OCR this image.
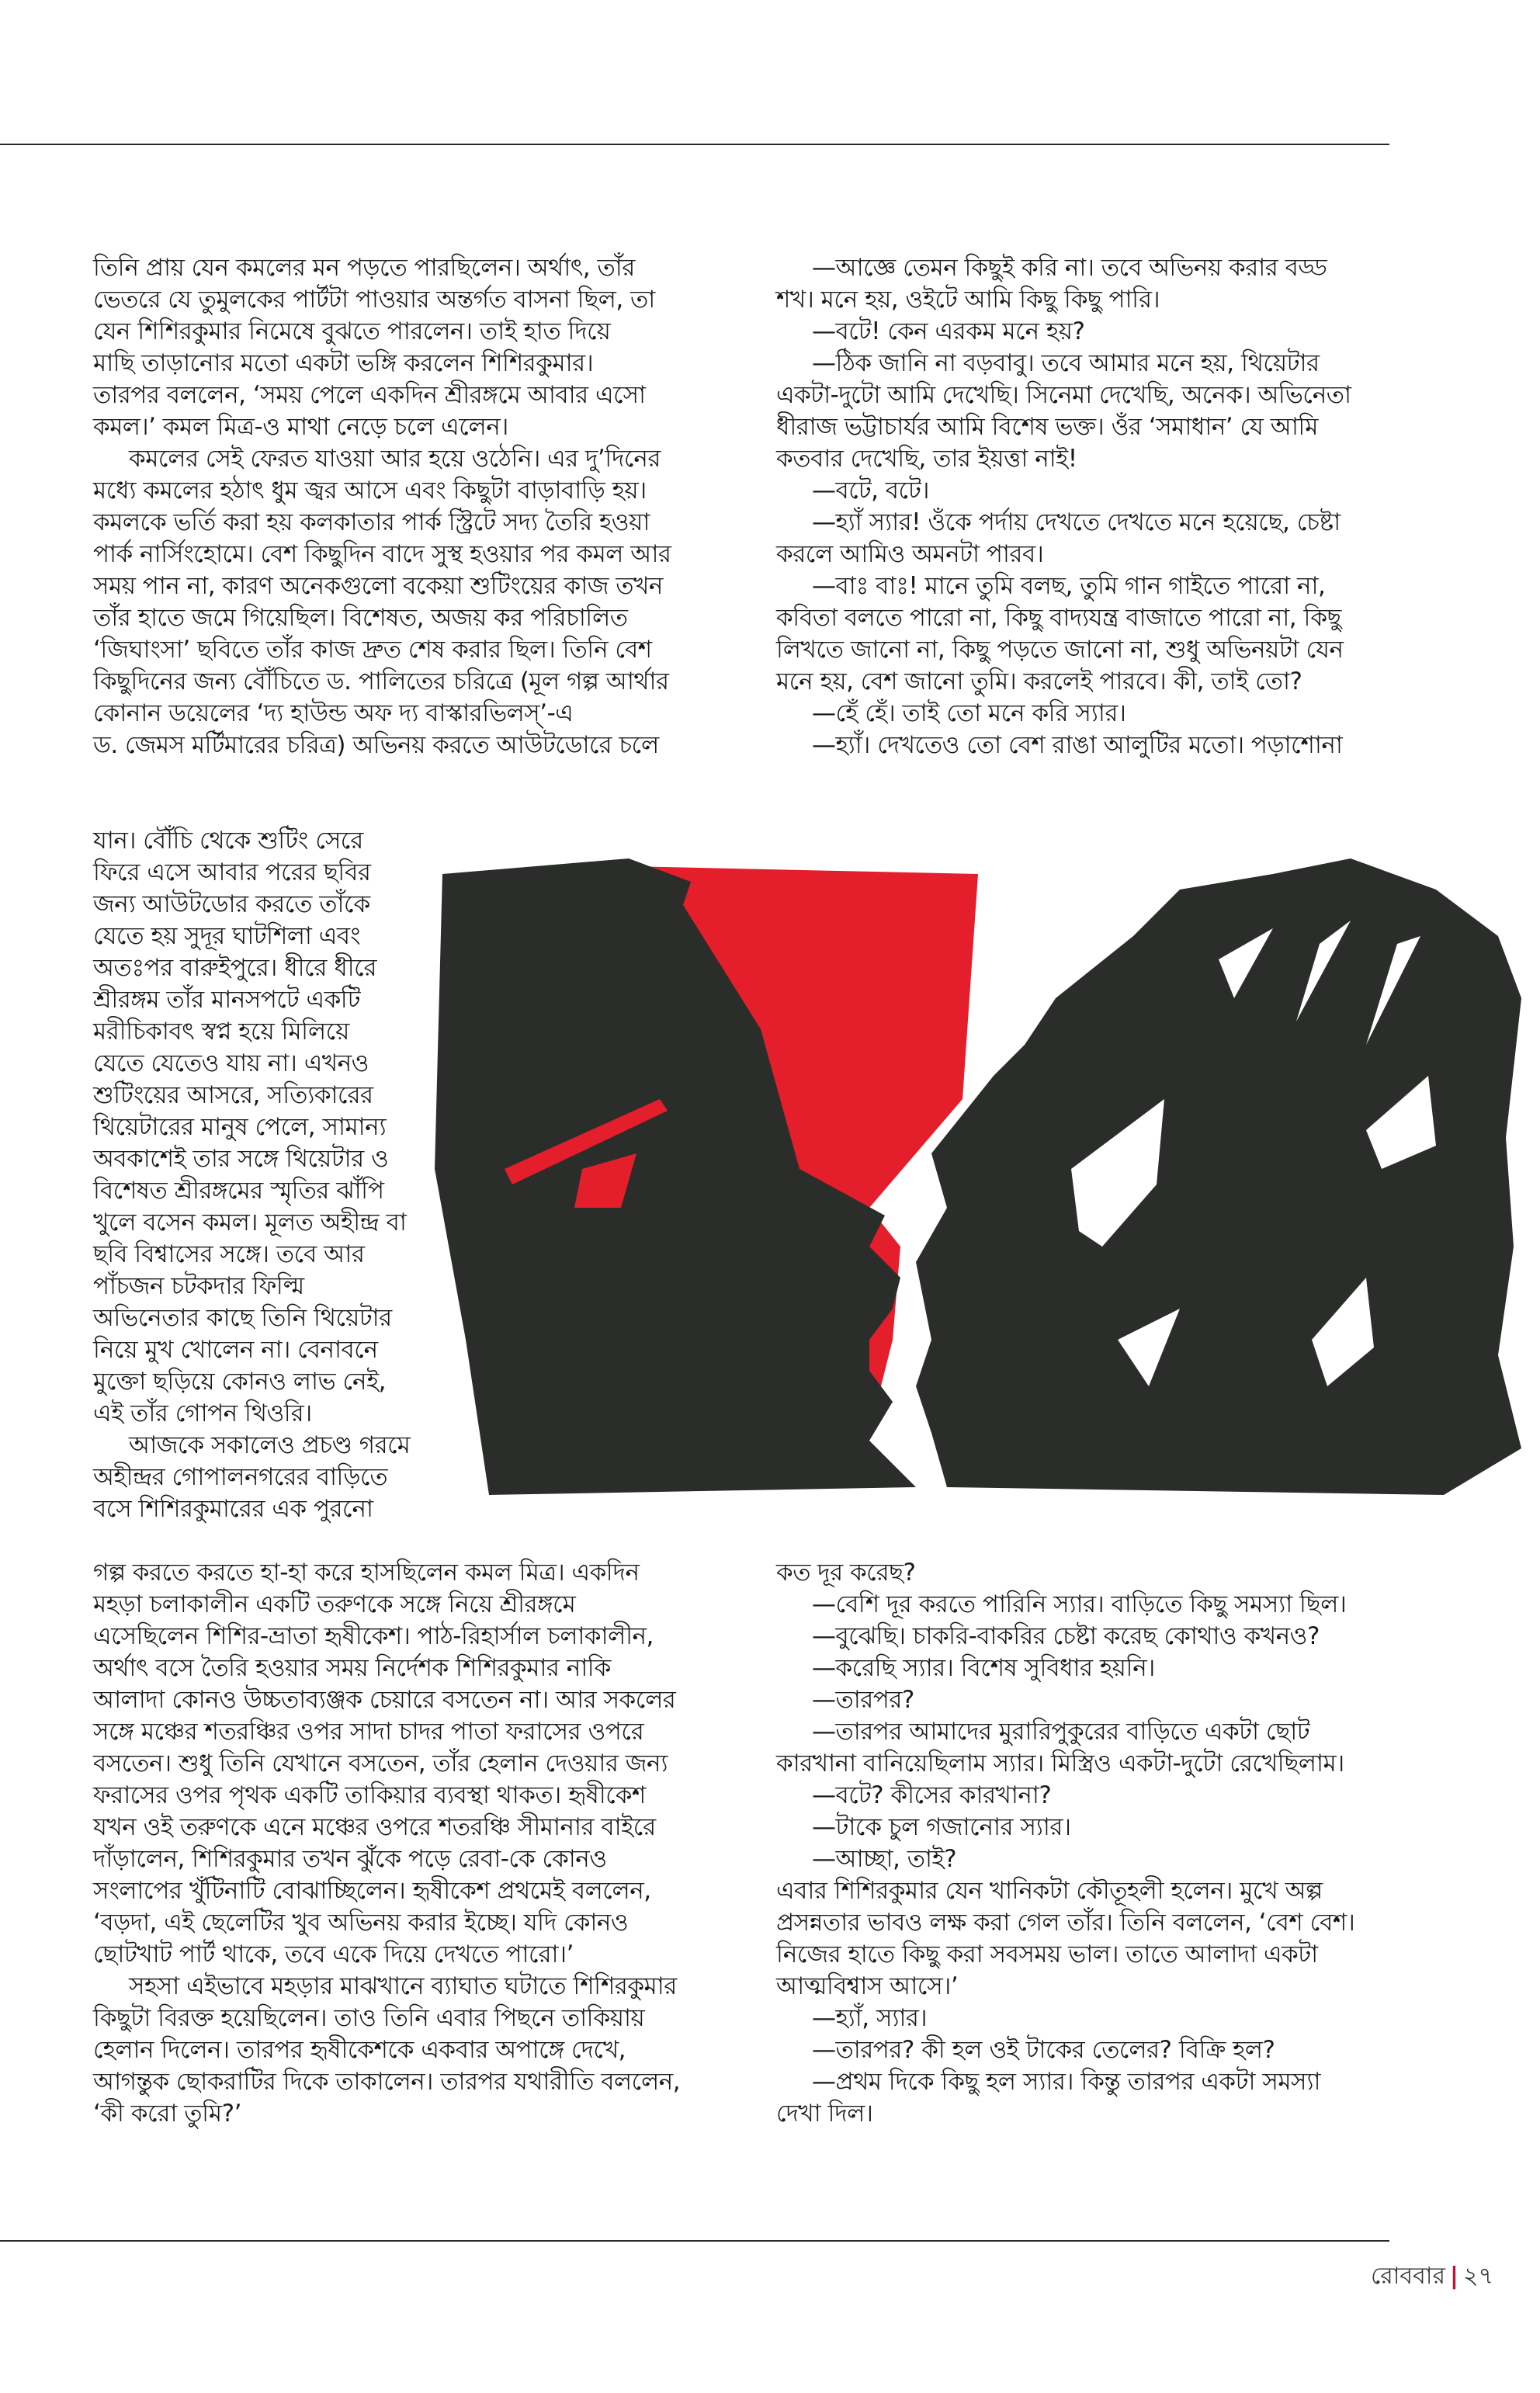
তিনি প্রায় যেন কমলের মন পড়তে পারছিলেন। অর্থাৎ, তাঁর

ভেতরে যে তুমুলকের পার্টটা পাওয়ার অন্তর্গত বাসনা ছিল, তা

যেন শিশিরকুমার নিমেষে বুঝতে পারলেন। তাই হাত দিয়ে

মাছি তাড়ানোর মতো একটা ভঙ্গি করলেন শিশিরকুমার।

তারপর বললেন, ‘সময় পেলে একদিন শ্রীরঙ্গমে আবার এসো

কমল।’ কমল মিত্র-ও মাথা নেড়ে চলে এলেন।

কমলের সেই ফেরত যাওয়া আর হয়ে ওঠেনি। এর দু’দিনের

মধ্যে কমলের হঠাৎ ধুম জ্বর আসে এবং কিছুটা বাড়াবাড়ি হয়।

কমলকে ভর্তি করা হয় কলকাতার পার্ক স্ট্রিটে সদ্য তৈরি হওয়া

পার্ক নার্সিংহোমে। বেশ কিছুদিন বাদে সুস্থ হওয়ার পর কমল আর

সময় পান না, কারণ অনেকগুলো বকেয়া শুটিংয়ের কাজ তখন

তাঁর হাতে জমে গিয়েছিল। বিশেষত, অজয় কর পরিচালিত

‘জিঘাংসা’ ছবিতে তাঁর কাজ দ্রুত শেষ করার ছিল। তিনি বেশ

কিছুদিনের জন্য বৌঁচিতে ড. পালিতের চরিত্রে (মূল গল্প আর্থার

কোনান ডয়েলের ‘দ্য হাউন্ড অফ দ্য বাস্কারভিলস্’-এ

ড. জেমস মর্টিমারের চরিত্র) অভিনয় করতে আউটডোরে চলে

যান। বৌঁচি থেকে শুটিং সেরে

ফিরে এসে আবার পরের ছবির

জন্য আউটডোর করতে তাঁকে

যেতে হয় সুদূর ঘাটশিলা এবং

অতঃপর বারুইপুরে। ধীরে ধীরে

শ্রীরঙ্গম তাঁর মানসপটে একটি

মরীচিকাবৎ স্বপ্ন হয়ে মিলিয়ে

যেতে যেতেও যায় না। এখনও

শুটিংয়ের আসরে, সত্যিকারের

থিয়েটারের মানুষ পেলে, সামান্য

অবকাশেই তার সঙ্গে থিয়েটার ও

বিশেষত শ্রীরঙ্গমের স্মৃতির ঝাঁপি

খুলে বসেন কমল। মূলত অহীন্দ্র বা

ছবি বিশ্বাসের সঙ্গে। তবে আর

পাঁচজন চটকদার ফিল্মি

অভিনেতার কাছে তিনি থিয়েটার

নিয়ে মুখ খোলেন না। বেনাবনে

মুক্তো ছড়িয়ে কোনও লাভ নেই,

এই তাঁর গোপন থিওরি।

আজকে সকালেও প্রচণ্ড গরমে

অহীন্দ্রর গোপালনগরের বাড়িতে

বসে শিশিরকুমারের এক পুরনো

গল্প করতে করতে হা-হা করে হাসছিলেন কমল মিত্র। একদিন

মহড়া চলাকালীন একটি তরুণকে সঙ্গে নিয়ে শ্রীরঙ্গমে

এসেছিলেন শিশির-ভ্রাতা হৃষীকেশ। পাঠ-রিহার্সাল চলাকালীন,

অর্থাৎ বসে তৈরি হওয়ার সময় নির্দেশক শিশিরকুমার নাকি

আলাদা কোনও উচ্চতাব্যঞ্জক চেয়ারে বসতেন না। আর সকলের

সঙ্গে মঞ্চের শতরঞ্চির ওপর সাদা চাদর পাতা ফরাসের ওপরে

বসতেন। শুধু তিনি যেখানে বসতেন, তাঁর হেলান দেওয়ার জন্য

ফরাসের ওপর পৃথক একটি তাকিয়ার ব্যবস্থা থাকত। হৃষীকেশ

যখন ওই তরুণকে এনে মঞ্চের ওপরে শতরঞ্চি সীমানার বাইরে

দাঁড়ালেন, শিশিরকুমার তখন ঝুঁকে পড়ে রেবা-কে কোনও

সংলাপের খুঁটিনাটি বোঝাচ্ছিলেন। হৃষীকেশ প্রথমেই বললেন,

‘বড়দা, এই ছেলেটির খুব অভিনয় করার ইচ্ছে। যদি কোনও

ছোটখাট পার্ট থাকে, তবে একে দিয়ে দেখতে পারো।’

সহসা এইভাবে মহড়ার মাঝখানে ব্যাঘাত ঘটাতে শিশিরকুমার

কিছুটা বিরক্ত হয়েছিলেন। তাও তিনি এবার পিছনে তাকিয়ায়

হেলান দিলেন। তারপর হৃষীকেশকে একবার অপাঙ্গে দেখে,

আগন্তুক ছোকরাটির দিকে তাকালেন। তারপর যথারীতি বললেন,

‘কী করো তুমি?’

—আজ্ঞে তেমন কিছুই করি না। তবে অভিনয় করার বড্ড

শখ। মনে হয়, ওইটে আমি কিছু কিছু পারি।

—বটে! কেন এরকম মনে হয়?

—ঠিক জানি না বড়বাবু। তবে আমার মনে হয়, থিয়েটার

একটা-দুটো আমি দেখেছি। সিনেমা দেখেছি, অনেক। অভিনেতা

ধীরাজ ভট্টাচার্যর আমি বিশেষ ভক্ত। ওঁর ‘সমাধান’ যে আমি

কতবার দেখেছি, তার ইয়ত্তা নাই!

—বটে, বটে।

—হ্যাঁ স্যার! ওঁকে পর্দায় দেখতে দেখতে মনে হয়েছে, চেষ্টা

করলে আমিও অমনটা পারব।

—বাঃ বাঃ! মানে তুমি বলছ, তুমি গান গাইতে পারো না,

কবিতা বলতে পারো না, কিছু বাদ্যযন্ত্র বাজাতে পারো না, কিছু

লিখতে জানো না, কিছু পড়তে জানো না, শুধু অভিনয়টা যেন

মনে হয়, বেশ জানো তুমি। করলেই পারবে। কী, তাই তো?

—হেঁ হেঁ। তাই তো মনে করি স্যার।

—হ্যাঁ। দেখতেও তো বেশ রাঙা আলুটির মতো। পড়াশোনা

কত দূর করেছ?

—বেশি দূর করতে পারিনি স্যার। বাড়িতে কিছু সমস্যা ছিল।

—বুঝেছি। চাকরি-বাকরির চেষ্টা করেছ কোথাও কখনও?

—করেছি স্যার। বিশেষ সুবিধার হয়নি।

—তারপর?

—তারপর আমাদের মুরারিপুকুরের বাড়িতে একটা ছোট

কারখানা বানিয়েছিলাম স্যার। মিস্ত্রিও একটা-দুটো রেখেছিলাম।

—বটে? কীসের কারখানা?

—টাকে চুল গজানোর স্যার।

—আচ্ছা, তাই?

এবার শিশিরকুমার যেন খানিকটা কৌতূহলী হলেন। মুখে অল্প

প্রসন্নতার ভাবও লক্ষ করা গেল তাঁর। তিনি বললেন, ‘বেশ বেশ।

নিজের হাতে কিছু করা সবসময় ভাল। তাতে আলাদা একটা

আত্মবিশ্বাস আসে।’

—হ্যাঁ, স্যার।

—তারপর? কী হল ওই টাকের তেলের? বিক্রি হল?

—প্রথম দিকে কিছু হল স্যার। কিন্তু তারপর একটা সমস্যা

দেখা দিল।

রোববার | ২৭
